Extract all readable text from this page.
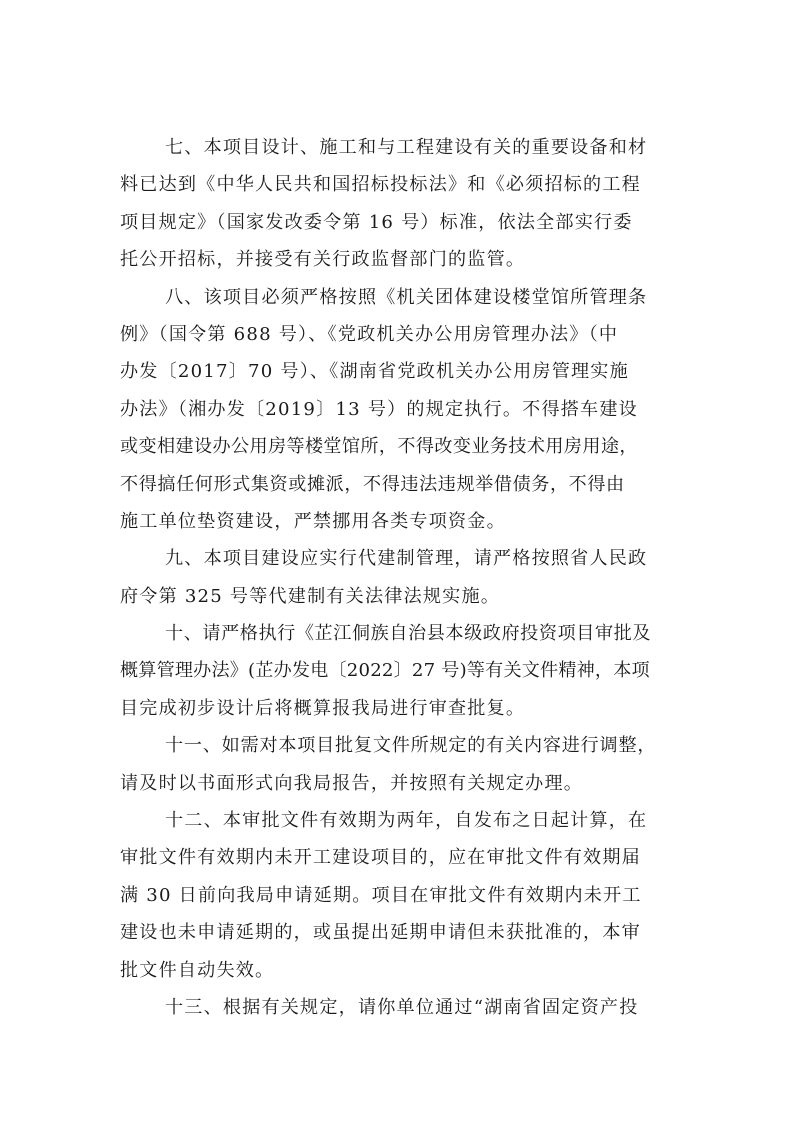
七、本项目设计、施工和与工程建设有关的重要设备和材
料已达到《中华人民共和国招标投标法》和《必须招标的工程
项目规定》（国家发改委令第 16 号）标准，依法全部实行委
托公开招标，并接受有关行政监督部门的监管。
八、该项目必须严格按照《机关团体建设楼堂馆所管理条
例》（国令第 688 号）、《党政机关办公用房管理办法》（中
办发〔2017〕70 号）、《湖南省党政机关办公用房管理实施
办法》（湘办发〔2019〕13 号）的规定执行。不得搭车建设
或变相建设办公用房等楼堂馆所，不得改变业务技术用房用途，
不得搞任何形式集资或摊派，不得违法违规举借债务，不得由
施工单位垫资建设，严禁挪用各类专项资金。
九、本项目建设应实行代建制管理，请严格按照省人民政
府令第 325 号等代建制有关法律法规实施。
十、请严格执行《芷江侗族自治县本级政府投资项目审批及
概算管理办法》(芷办发电〔2022〕27 号)等有关文件精神，本项
目完成初步设计后将概算报我局进行审查批复。
十一、如需对本项目批复文件所规定的有关内容进行调整，
请及时以书面形式向我局报告，并按照有关规定办理。
十二、本审批文件有效期为两年，自发布之日起计算，在
审批文件有效期内未开工建设项目的，应在审批文件有效期届
满 30 日前向我局申请延期。项目在审批文件有效期内未开工
建设也未申请延期的，或虽提出延期申请但未获批准的，本审
批文件自动失效。
十三、根据有关规定，请你单位通过“湖南省固定资产投
